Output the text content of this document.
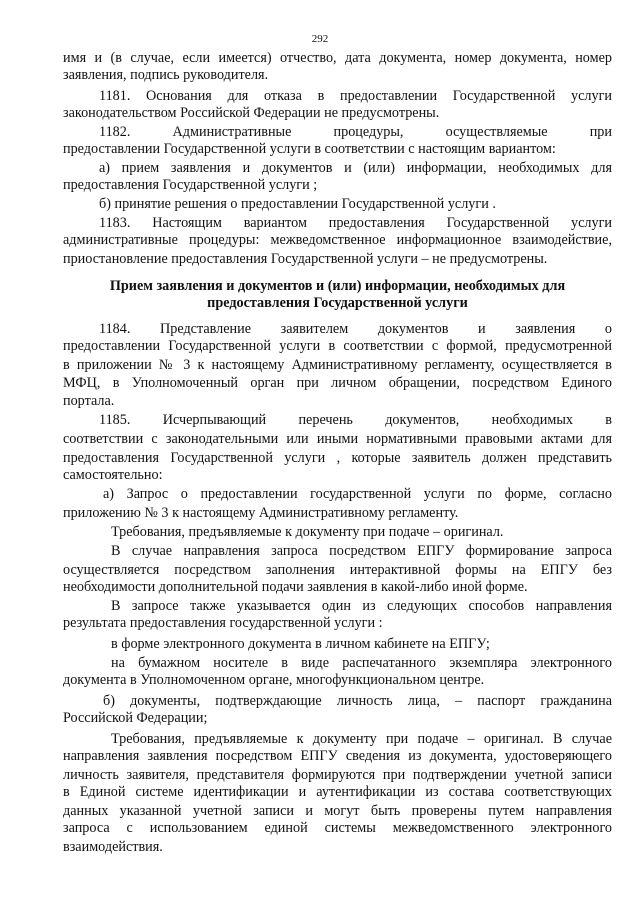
292
имя и (в случае, если имеется) отчество, дата документа, номер документа, номер
заявления, подпись руководителя.
1181. Основания для отказа в предоставлении Государственной услуги
законодательством Российской Федерации не предусмотрены.
1182. Административные процедуры, осуществляемые при
предоставлении Государственной услуги в соответствии с настоящим вариантом:
а) прием заявления и документов и (или) информации, необходимых для
предоставления Государственной услуги ;
б) принятие решения о предоставлении Государственной услуги .
1183. Настоящим вариантом предоставления Государственной услуги
административные процедуры: межведомственное информационное взаимодействие,
приостановление предоставления Государственной услуги – не предусмотрены.
Прием заявления и документов и (или) информации, необходимых для
предоставления Государственной услуги
1184. Представление заявителем документов и заявления о
предоставлении Государственной услуги в соответствии с формой, предусмотренной
в приложении № 3 к настоящему Административному регламенту, осуществляется в
МФЦ, в Уполномоченный орган при личном обращении, посредством Единого
портала.
1185. Исчерпывающий перечень документов, необходимых в
соответствии с законодательными или иными нормативными правовыми актами для
предоставления Государственной услуги , которые заявитель должен представить
самостоятельно:
а) Запрос о предоставлении государственной услуги по форме, согласно
приложению № 3 к настоящему Административному регламенту.
Требования, предъявляемые к документу при подаче – оригинал.
В случае направления запроса посредством ЕПГУ формирование запроса
осуществляется посредством заполнения интерактивной формы на ЕПГУ без
необходимости дополнительной подачи заявления в какой-либо иной форме.
В запросе также указывается один из следующих способов направления
результата предоставления государственной услуги :
в форме электронного документа в личном кабинете на ЕПГУ;
на бумажном носителе в виде распечатанного экземпляра электронного
документа в Уполномоченном органе, многофункциональном центре.
б) документы, подтверждающие личность лица, – паспорт гражданина
Российской Федерации;
Требования, предъявляемые к документу при подаче – оригинал. В случае
направления заявления посредством ЕПГУ сведения из документа, удостоверяющего
личность заявителя, представителя формируются при подтверждении учетной записи
в Единой системе идентификации и аутентификации из состава соответствующих
данных указанной учетной записи и могут быть проверены путем направления
запроса с использованием единой системы межведомственного электронного
взаимодействия.
